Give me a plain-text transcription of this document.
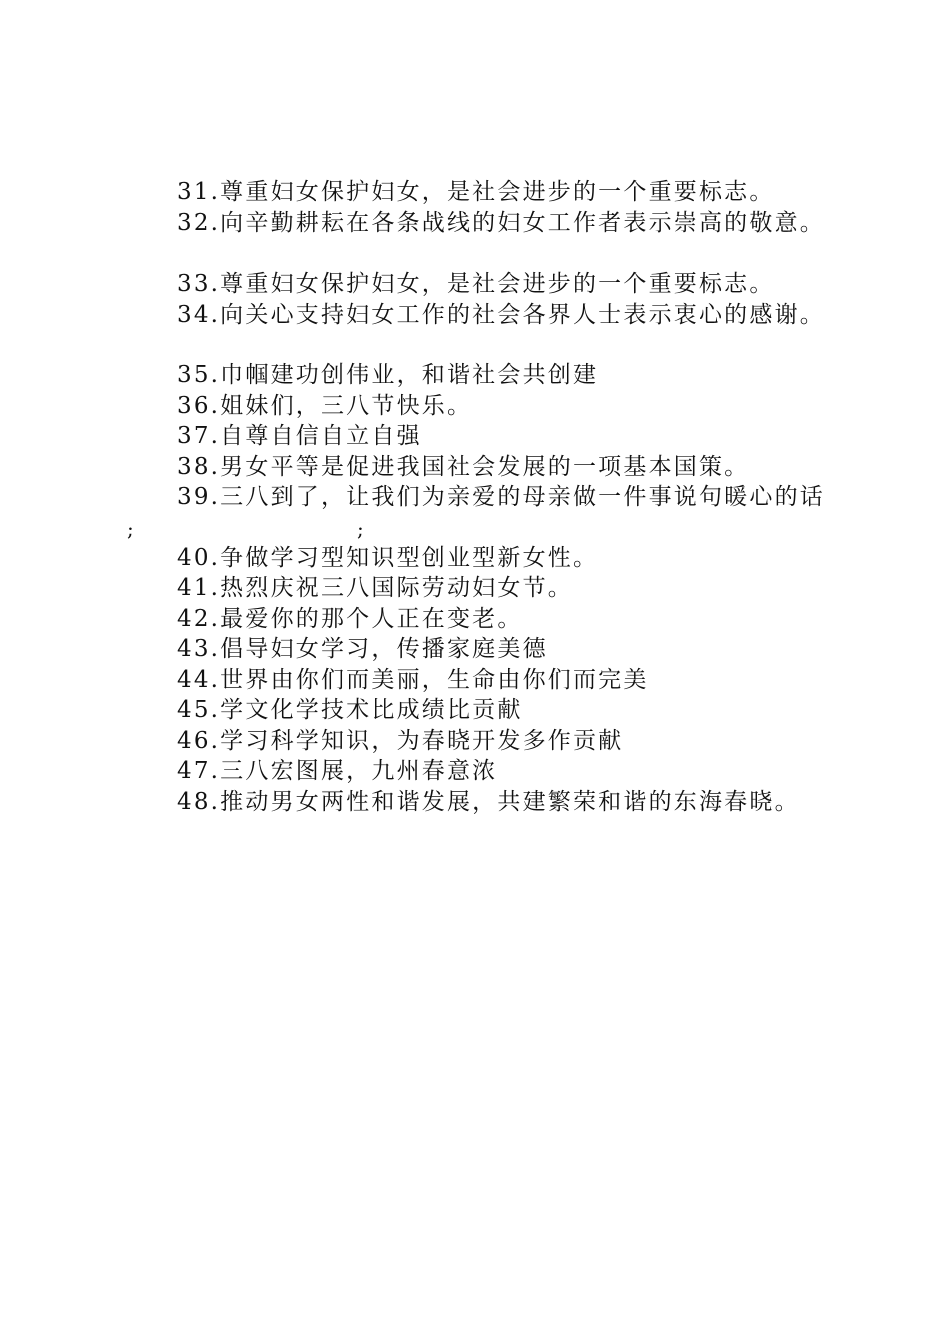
31.尊重妇女保护妇女，是社会进步的一个重要标志。
32.向辛勤耕耘在各条战线的妇女工作者表示崇高的敬意。
33.尊重妇女保护妇女，是社会进步的一个重要标志。
34.向关心支持妇女工作的社会各界人士表示衷心的感谢。
35.巾帼建功创伟业，和谐社会共创建
36.姐妹们，三八节快乐。
37.自尊自信自立自强
38.男女平等是促进我国社会发展的一项基本国策。
39.三八到了，让我们为亲爱的母亲做一件事说句暖心的话
;	;
40.争做学习型知识型创业型新女性。
41.热烈庆祝三八国际劳动妇女节。
42.最爱你的那个人正在变老。
43.倡导妇女学习，传播家庭美德
44.世界由你们而美丽，生命由你们而完美
45.学文化学技术比成绩比贡献
46.学习科学知识，为春晓开发多作贡献
47.三八宏图展，九州春意浓
48.推动男女两性和谐发展，共建繁荣和谐的东海春晓。
